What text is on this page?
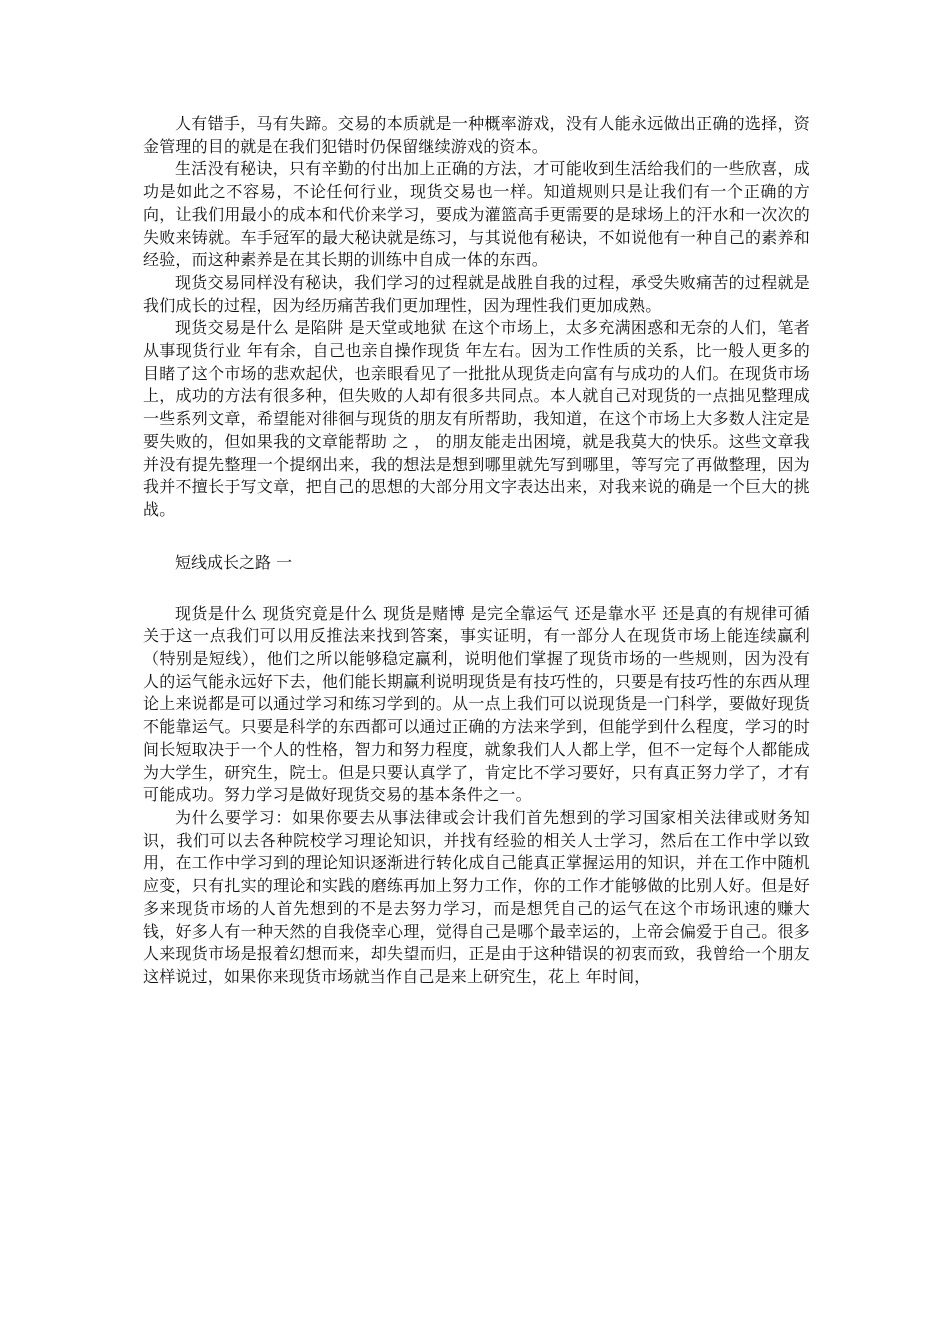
人有错手，马有失蹄。交易的本质就是一种概率游戏，没有人能永远做出正确的选择，资金管理的目的就是在我们犯错时仍保留继续游戏的资本。

生活没有秘诀，只有辛勤的付出加上正确的方法，才可能收到生活给我们的一些欣喜，成功是如此之不容易，不论任何行业，现货交易也一样。知道规则只是让我们有一个正确的方向，让我们用最小的成本和代价来学习，要成为灌篮高手更需要的是球场上的汗水和一次次的失败来铸就。车手冠军的最大秘诀就是练习，与其说他有秘诀，不如说他有一种自己的素养和经验，而这种素养是在其长期的训练中自成一体的东西。

现货交易同样没有秘诀，我们学习的过程就是战胜自我的过程，承受失败痛苦的过程就是我们成长的过程，因为经历痛苦我们更加理性，因为理性我们更加成熟。

现货交易是什么 是陷阱 是天堂或地狱 在这个市场上，太多充满困惑和无奈的人们，笔者从事现货行业 年有余，自己也亲自操作现货 年左右。因为工作性质的关系，比一般人更多的目睹了这个市场的悲欢起伏，也亲眼看见了一批批从现货走向富有与成功的人们。在现货市场上，成功的方法有很多种，但失败的人却有很多共同点。本人就自己对现货的一点拙见整理成一些系列文章，希望能对徘徊与现货的朋友有所帮助，我知道，在这个市场上大多数人注定是要失败的，但如果我的文章能帮助 之 ， 的朋友能走出困境，就是我莫大的快乐。这些文章我并没有提先整理一个提纲出来，我的想法是想到哪里就先写到哪里，等写完了再做整理，因为我并不擅长于写文章，把自己的思想的大部分用文字表达出来，对我来说的确是一个巨大的挑战。

短线成长之路 一

现货是什么 现货究竟是什么 现货是赌博 是完全靠运气 还是靠水平 还是真的有规律可循 关于这一点我们可以用反推法来找到答案，事实证明，有一部分人在现货市场上能连续赢利（特别是短线），他们之所以能够稳定赢利，说明他们掌握了现货市场的一些规则，因为没有人的运气能永远好下去，他们能长期赢利说明现货是有技巧性的，只要是有技巧性的东西从理论上来说都是可以通过学习和练习学到的。从一点上我们可以说现货是一门科学，要做好现货不能靠运气。只要是科学的东西都可以通过正确的方法来学到，但能学到什么程度，学习的时间长短取决于一个人的性格，智力和努力程度，就象我们人人都上学，但不一定每个人都能成为大学生，研究生，院士。但是只要认真学了，肯定比不学习要好，只有真正努力学了，才有可能成功。努力学习是做好现货交易的基本条件之一。

为什么要学习：如果你要去从事法律或会计我们首先想到的学习国家相关法律或财务知识，我们可以去各种院校学习理论知识，并找有经验的相关人士学习，然后在工作中学以致用，在工作中学习到的理论知识逐渐进行转化成自己能真正掌握运用的知识，并在工作中随机应变，只有扎实的理论和实践的磨练再加上努力工作，你的工作才能够做的比别人好。但是好多来现货市场的人首先想到的不是去努力学习，而是想凭自己的运气在这个市场讯速的赚大钱，好多人有一种天然的自我侥幸心理，觉得自己是哪个最幸运的，上帝会偏爱于自己。很多人来现货市场是报着幻想而来，却失望而归，正是由于这种错误的初衷而致，我曾给一个朋友这样说过，如果你来现货市场就当作自己是来上研究生，花上 年时间，
